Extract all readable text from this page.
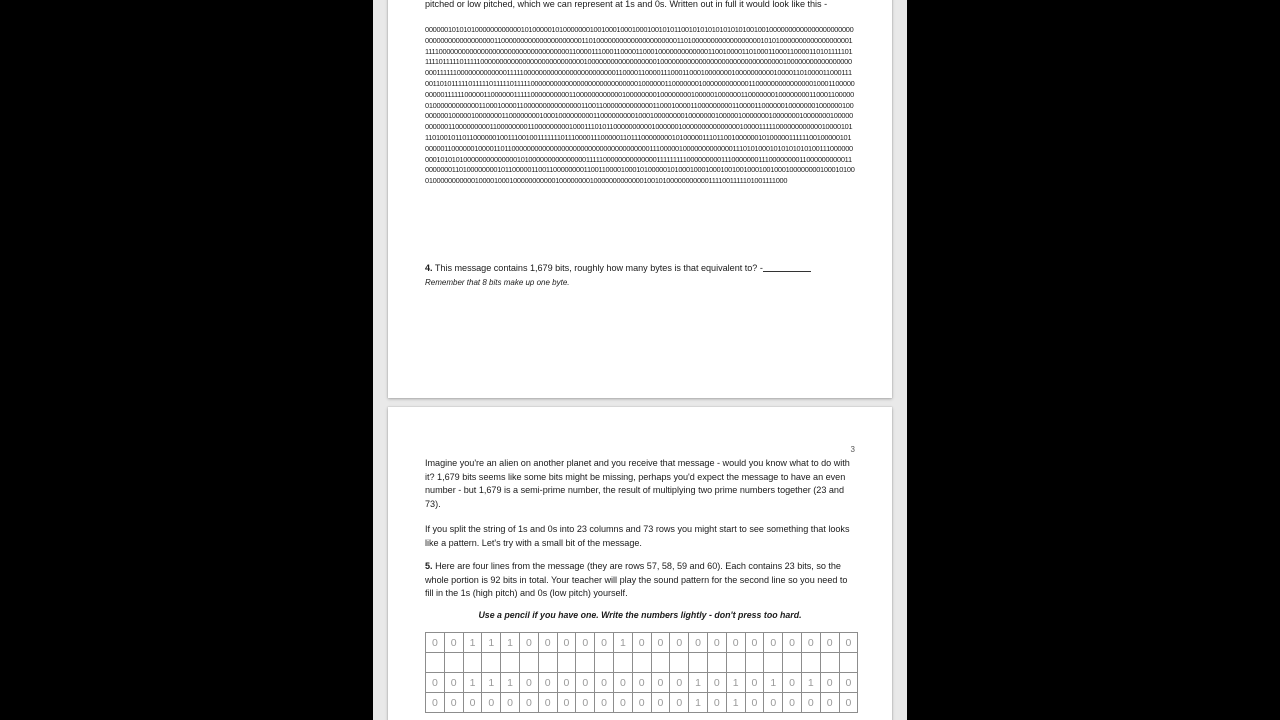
pitched or low pitched, which we can represent at 1s and 0s. Written out in full it would look like this -

000000101010100000000000010100000101000000010010001000100010010101100101010101010101001001000000000000000000000000000000000000000011000000000000000000000110100000000000000000000011010000000000000000001010100000000000000000011111000000000000000000000000000000000011000011100011000011000100000000000001100100001101000110001100001101011111011111011111011111000000000000000000000000000100000000000000000010000000000000000000000000000000010000000000000000000011111100000000000001111100000000000000000000000011000011000011100011000100000001000000000010000110100001100011100110101111101111101111101111100000000000000000000000000001000000110000000100000000000011000000000000000100011000000000011111100000110000001111100000000001100000000000010000000010000000010000010000001100000001000000001100011000000100000000000011000100001100000000000000011001100000000000001100010000110000000001100001100000010000000100000010000000010000010000000110000000010001000000000110000000001000100000000100000001000001000000010000000100000001000000000001100000000011000000001100000000010001110101100000000001000000100000000000000010000111110000000000001000010111010010110110000001001110010011111110111000011100000110111000000001010000011101100100000010100000111111001000001010000011000000100001101100000000000000000000000000000000000011100000100000000000001110101000101010101010011100000000010101010000000000000010100000000000000011111000000000000001111111110000000001110000000111000000001100000000001100000001101000000001011000001100110000000011001100001000101000001010001000100010010010001001000100000000100010100010000000000010000100010000000000010000000010000000000000100101000000000001111001111101001111000

4. This message contains 1,679 bits, roughly how many bytes is that equivalent to? -

Remember that 8 bits make up one byte.

3

Imagine you're an alien on another planet and you receive that message - would you know what to do with it? 1,679 bits seems like some bits might be missing, perhaps you'd expect the message to have an even number - but 1,679 is a semi-prime number, the result of multiplying two prime numbers together (23 and 73).

If you split the string of 1s and 0s into 23 columns and 73 rows you might start to see something that looks like a pattern. Let's try with a small bit of the message.

5. Here are four lines from the message (they are rows 57, 58, 59 and 60). Each contains 23 bits, so the whole portion is 92 bits in total. Your teacher will play the sound pattern for the second line so you need to fill in the 1s (high pitch) and 0s (low pitch) yourself.

Use a pencil if you have one. Write the numbers lightly - don't press too hard.

0	0	1	1	1	0	0	0	0	0	1	0	0	0	0	0	0	0	0	0	0	0	0

0	0	1	1	1	0	0	0	0	0	0	0	0	0	1	0	1	0	1	0	1	0	0
0	0	0	0	0	0	0	0	0	0	0	0	0	0	1	0	1	0	0	0	0	0	0
